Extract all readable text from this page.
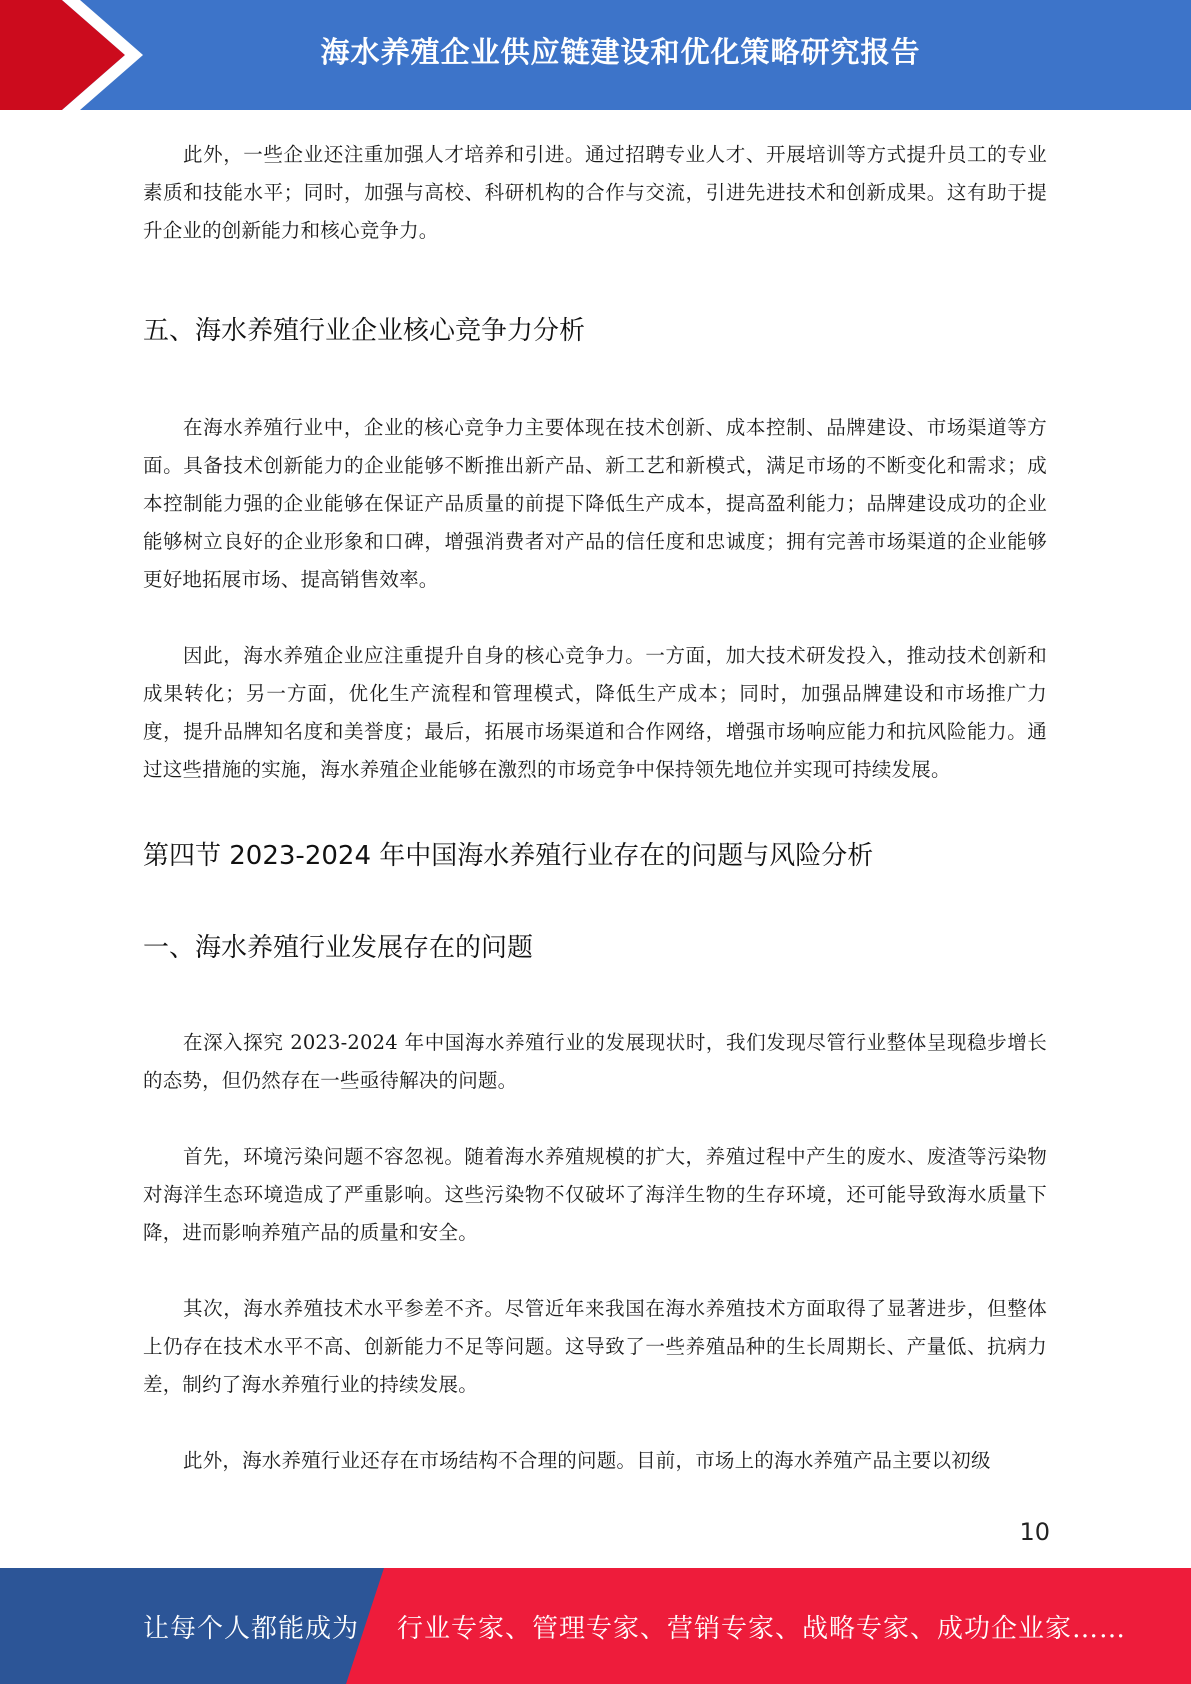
海水养殖企业供应链建设和优化策略研究报告

此外，一些企业还注重加强人才培养和引进。通过招聘专业人才、开展培训等方式提升员工的专业素质和技能水平；同时，加强与高校、科研机构的合作与交流，引进先进技术和创新成果。这有助于提升企业的创新能力和核心竞争力。

五、海水养殖行业企业核心竞争力分析

在海水养殖行业中，企业的核心竞争力主要体现在技术创新、成本控制、品牌建设、市场渠道等方面。具备技术创新能力的企业能够不断推出新产品、新工艺和新模式，满足市场的不断变化和需求；成本控制能力强的企业能够在保证产品质量的前提下降低生产成本，提高盈利能力；品牌建设成功的企业能够树立良好的企业形象和口碑，增强消费者对产品的信任度和忠诚度；拥有完善市场渠道的企业能够更好地拓展市场、提高销售效率。

因此，海水养殖企业应注重提升自身的核心竞争力。一方面，加大技术研发投入，推动技术创新和成果转化；另一方面，优化生产流程和管理模式，降低生产成本；同时，加强品牌建设和市场推广力度，提升品牌知名度和美誉度；最后，拓展市场渠道和合作网络，增强市场响应能力和抗风险能力。通过这些措施的实施，海水养殖企业能够在激烈的市场竞争中保持领先地位并实现可持续发展。

第四节 2023-2024 年中国海水养殖行业存在的问题与风险分析
一、海水养殖行业发展存在的问题

在深入探究 2023-2024 年中国海水养殖行业的发展现状时，我们发现尽管行业整体呈现稳步增长的态势，但仍然存在一些亟待解决的问题。

首先，环境污染问题不容忽视。随着海水养殖规模的扩大，养殖过程中产生的废水、废渣等污染物对海洋生态环境造成了严重影响。这些污染物不仅破坏了海洋生物的生存环境，还可能导致海水质量下降，进而影响养殖产品的质量和安全。

其次，海水养殖技术水平参差不齐。尽管近年来我国在海水养殖技术方面取得了显著进步，但整体上仍存在技术水平不高、创新能力不足等问题。这导致了一些养殖品种的生长周期长、产量低、抗病力差，制约了海水养殖行业的持续发展。

此外，海水养殖行业还存在市场结构不合理的问题。目前，市场上的海水养殖产品主要以初级

10
让每个人都能成为 行业专家、管理专家、营销专家、战略专家、成功企业家……
